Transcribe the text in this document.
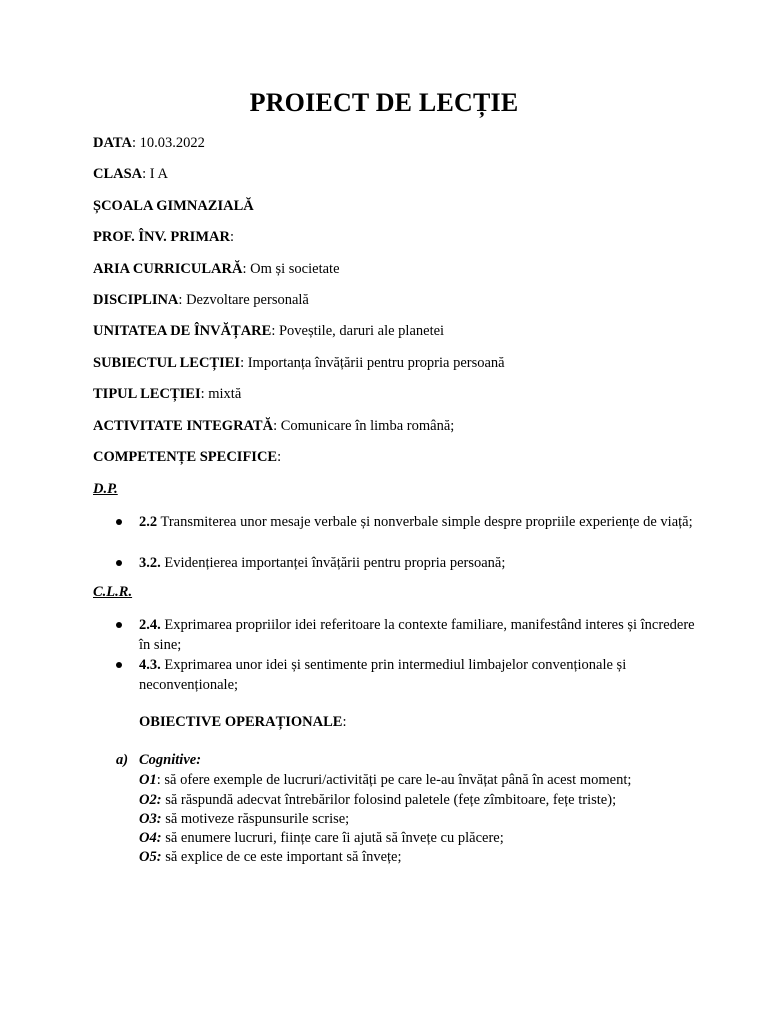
PROIECT DE LECȚIE
DATA: 10.03.2022
CLASA: I A
ȘCOALA GIMNAZIALĂ
PROF. ÎNV. PRIMAR:
ARIA CURRICULARĂ: Om și societate
DISCIPLINA: Dezvoltare personală
UNITATEA DE ÎNVĂȚARE: Poveștile, daruri ale planetei
SUBIECTUL LECȚIEI: Importanța învățării pentru propria persoană
TIPUL LECȚIEI: mixtă
ACTIVITATE INTEGRATĂ: Comunicare în limba română;
COMPETENȚE SPECIFICE:
D.P.
2.2 Transmiterea unor mesaje verbale și nonverbale simple despre propriile experiențe de viață;
3.2. Evidențierea importanței învățării pentru propria persoană;
C.L.R.
2.4. Exprimarea propriilor idei referitoare la contexte familiare, manifestând interes și încredere în sine;
4.3. Exprimarea unor idei și sentimente prin intermediul limbajelor convenționale și neconvenționale;
OBIECTIVE OPERAȚIONALE:
a) Cognitive:
O1: să ofere exemple de lucruri/activități pe care le-au învățat până în acest moment;
O2: să răspundă adecvat întrebărilor folosind paletele (fețe zîmbitoare, fețe triste);
O3: să motiveze răspunsurile scrise;
O4: să enumere lucruri, ființe care îi ajută să învețe cu plăcere;
O5: să explice de ce este important să învețe;
